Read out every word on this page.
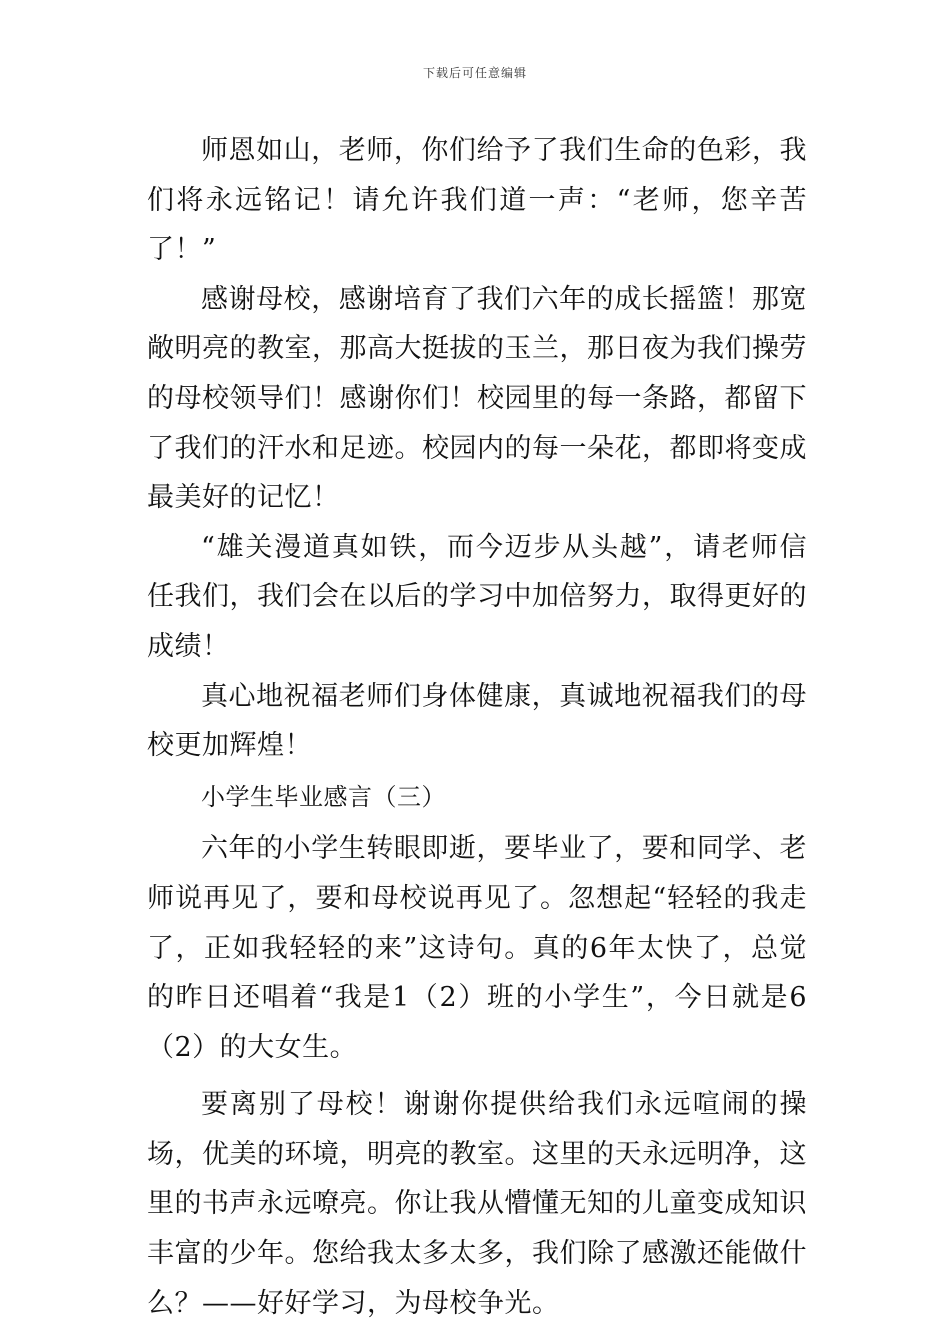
下载后可任意编辑

师恩如山，老师，你们给予了我们生命的色彩，我们将永远铭记！请允许我们道一声：“老师，您辛苦了！”

感谢母校，感谢培育了我们六年的成长摇篮！那宽敞明亮的教室，那高大挺拔的玉兰，那日夜为我们操劳的母校领导们！感谢你们！校园里的每一条路，都留下了我们的汗水和足迹。校园内的每一朵花，都即将变成最美好的记忆！

“雄关漫道真如铁，而今迈步从头越”，请老师信任我们，我们会在以后的学习中加倍努力，取得更好的成绩！

真心地祝福老师们身体健康，真诚地祝福我们的母校更加辉煌！

小学生毕业感言（三）

六年的小学生转眼即逝，要毕业了，要和同学、老师说再见了，要和母校说再见了。忽想起“轻轻的我走了，正如我轻轻的来”这诗句。真的6年太快了，总觉的昨日还唱着“我是1（2）班的小学生”，今日就是6（2）的大女生。

要离别了母校！谢谢你提供给我们永远喧闹的操场，优美的环境，明亮的教室。这里的天永远明净，这里的书声永远嘹亮。你让我从懵懂无知的儿童变成知识丰富的少年。您给我太多太多，我们除了感激还能做什么？——好好学习，为母校争光。
